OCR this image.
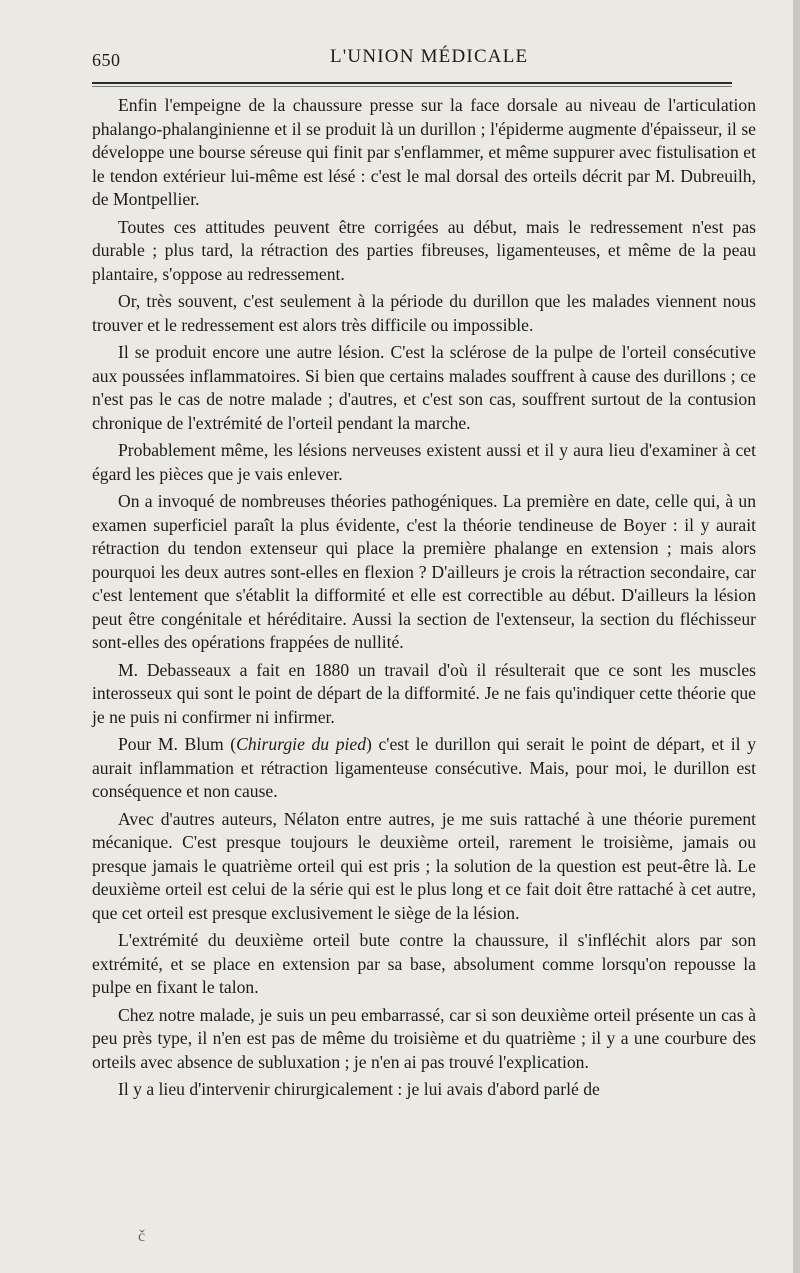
650	L'UNION MÉDICALE

Enfin l'empeigne de la chaussure presse sur la face dorsale au niveau de l'articulation phalango-phalanginienne et il se produit là un durillon ; l'épiderme augmente d'épaisseur, il se développe une bourse séreuse qui finit par s'enflammer, et même suppurer avec fistulisation et le tendon extérieur lui-même est lésé : c'est le mal dorsal des orteils décrit par M. Dubreuilh, de Montpellier.

Toutes ces attitudes peuvent être corrigées au début, mais le redressement n'est pas durable ; plus tard, la rétraction des parties fibreuses, ligamenteuses, et même de la peau plantaire, s'oppose au redressement.

Or, très souvent, c'est seulement à la période du durillon que les malades viennent nous trouver et le redressement est alors très difficile ou impossible.

Il se produit encore une autre lésion. C'est la sclérose de la pulpe de l'orteil consécutive aux poussées inflammatoires. Si bien que certains malades souffrent à cause des durillons ; ce n'est pas le cas de notre malade ; d'autres, et c'est son cas, souffrent surtout de la contusion chronique de l'extrémité de l'orteil pendant la marche.

Probablement même, les lésions nerveuses existent aussi et il y aura lieu d'examiner à cet égard les pièces que je vais enlever.

On a invoqué de nombreuses théories pathogéniques. La première en date, celle qui, à un examen superficiel paraît la plus évidente, c'est la théorie tendineuse de Boyer : il y aurait rétraction du tendon extenseur qui place la première phalange en extension ; mais alors pourquoi les deux autres sont-elles en flexion ? D'ailleurs je crois la rétraction secondaire, car c'est lentement que s'établit la difformité et elle est correctible au début. D'ailleurs la lésion peut être congénitale et héréditaire. Aussi la section de l'extenseur, la section du fléchisseur sont-elles des opérations frappées de nullité.

M. Debasseaux a fait en 1880 un travail d'où il résulterait que ce sont les muscles interosseux qui sont le point de départ de la difformité. Je ne fais qu'indiquer cette théorie que je ne puis ni confirmer ni infirmer.

Pour M. Blum (Chirurgie du pied) c'est le durillon qui serait le point de départ, et il y aurait inflammation et rétraction ligamenteuse consécutive. Mais, pour moi, le durillon est conséquence et non cause.

Avec d'autres auteurs, Nélaton entre autres, je me suis rattaché à une théorie purement mécanique. C'est presque toujours le deuxième orteil, rarement le troisième, jamais ou presque jamais le quatrième orteil qui est pris ; la solution de la question est peut-être là. Le deuxième orteil est celui de la série qui est le plus long et ce fait doit être rattaché à cet autre, que cet orteil est presque exclusivement le siège de la lésion.

L'extrémité du deuxième orteil bute contre la chaussure, il s'infléchit alors par son extrémité, et se place en extension par sa base, absolument comme lorsqu'on repousse la pulpe en fixant le talon.

Chez notre malade, je suis un peu embarrassé, car si son deuxième orteil présente un cas à peu près type, il n'en est pas de même du troisième et du quatrième ; il y a une courbure des orteils avec absence de subluxation ; je n'en ai pas trouvé l'explication.

Il y a lieu d'intervenir chirurgicalement : je lui avais d'abord parlé de

č
